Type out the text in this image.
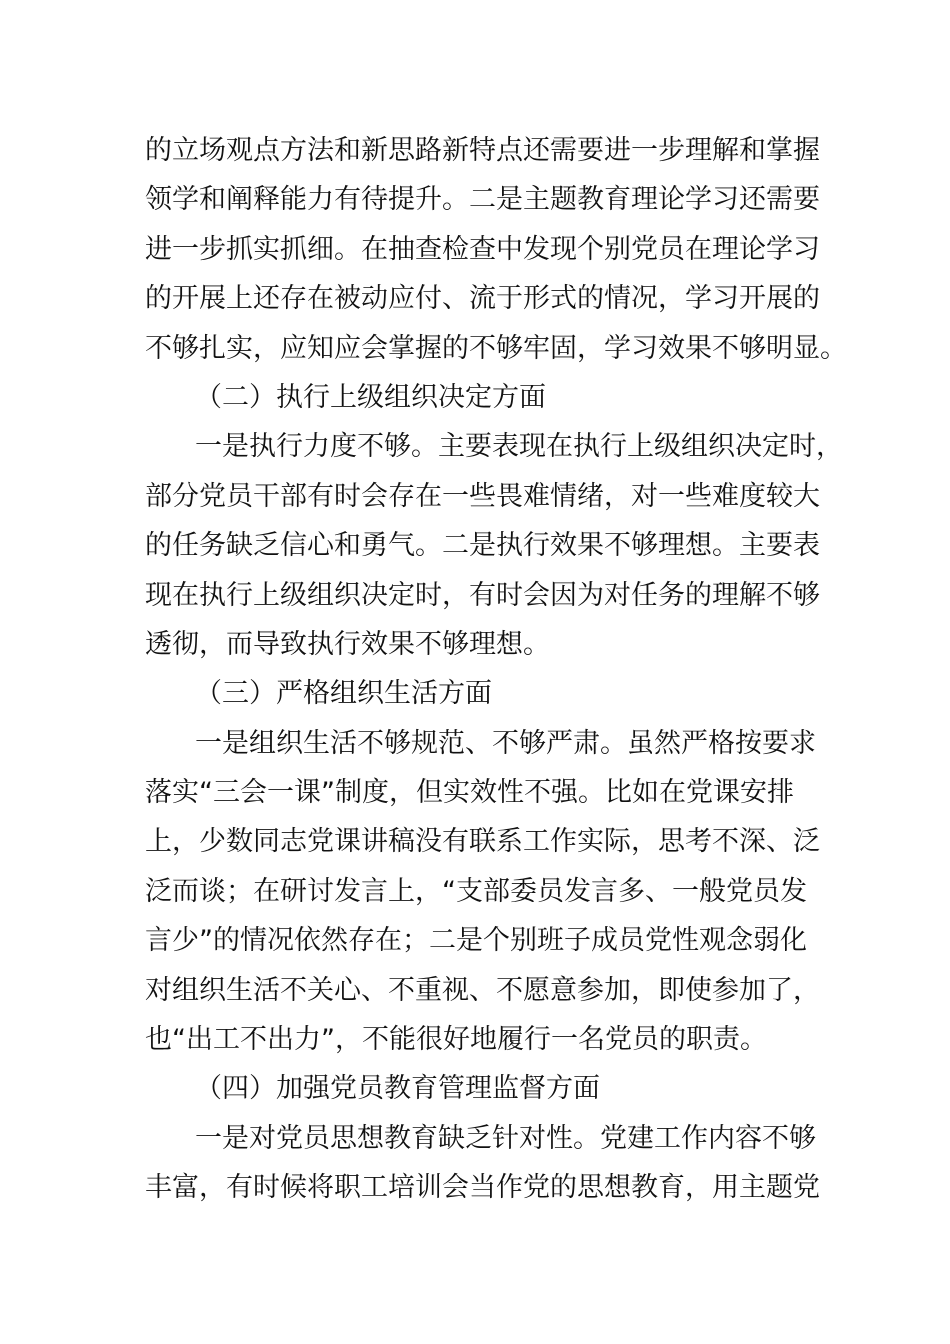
的立场观点方法和新思路新特点还需要进一步理解和掌握
领学和阐释能力有待提升。二是主题教育理论学习还需要
进一步抓实抓细。在抽查检查中发现个别党员在理论学习
的开展上还存在被动应付、流于形式的情况，学习开展的
不够扎实，应知应会掌握的不够牢固，学习效果不够明显。
（二）执行上级组织决定方面
一是执行力度不够。主要表现在执行上级组织决定时，
部分党员干部有时会存在一些畏难情绪，对一些难度较大
的任务缺乏信心和勇气。二是执行效果不够理想。主要表
现在执行上级组织决定时，有时会因为对任务的理解不够
透彻，而导致执行效果不够理想。
（三）严格组织生活方面
一是组织生活不够规范、不够严肃。虽然严格按要求
落实“三会一课”制度，但实效性不强。比如在党课安排
上，少数同志党课讲稿没有联系工作实际，思考不深、泛
泛而谈；在研讨发言上，“支部委员发言多、一般党员发
言少”的情况依然存在；二是个别班子成员党性观念弱化
对组织生活不关心、不重视、不愿意参加，即使参加了，
也“出工不出力”，不能很好地履行一名党员的职责。
（四）加强党员教育管理监督方面
一是对党员思想教育缺乏针对性。党建工作内容不够
丰富，有时候将职工培训会当作党的思想教育，用主题党
